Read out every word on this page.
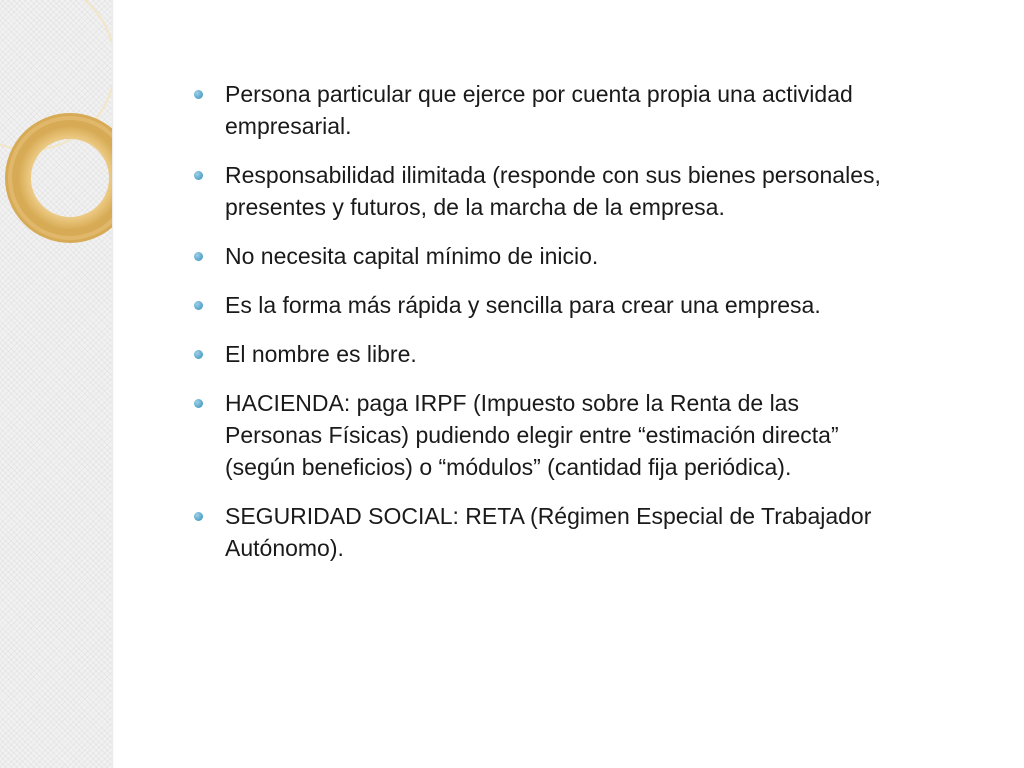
Persona particular que ejerce por cuenta propia una actividad empresarial.
Responsabilidad ilimitada (responde con sus bienes personales, presentes y futuros, de la marcha de la empresa.
No necesita capital mínimo de inicio.
Es la forma más rápida y sencilla para crear una empresa.
El nombre es libre.
HACIENDA: paga IRPF (Impuesto sobre la Renta de las Personas Físicas) pudiendo elegir entre “estimación directa” (según beneficios) o “módulos” (cantidad fija periódica).
SEGURIDAD SOCIAL: RETA (Régimen Especial de Trabajador Autónomo).
